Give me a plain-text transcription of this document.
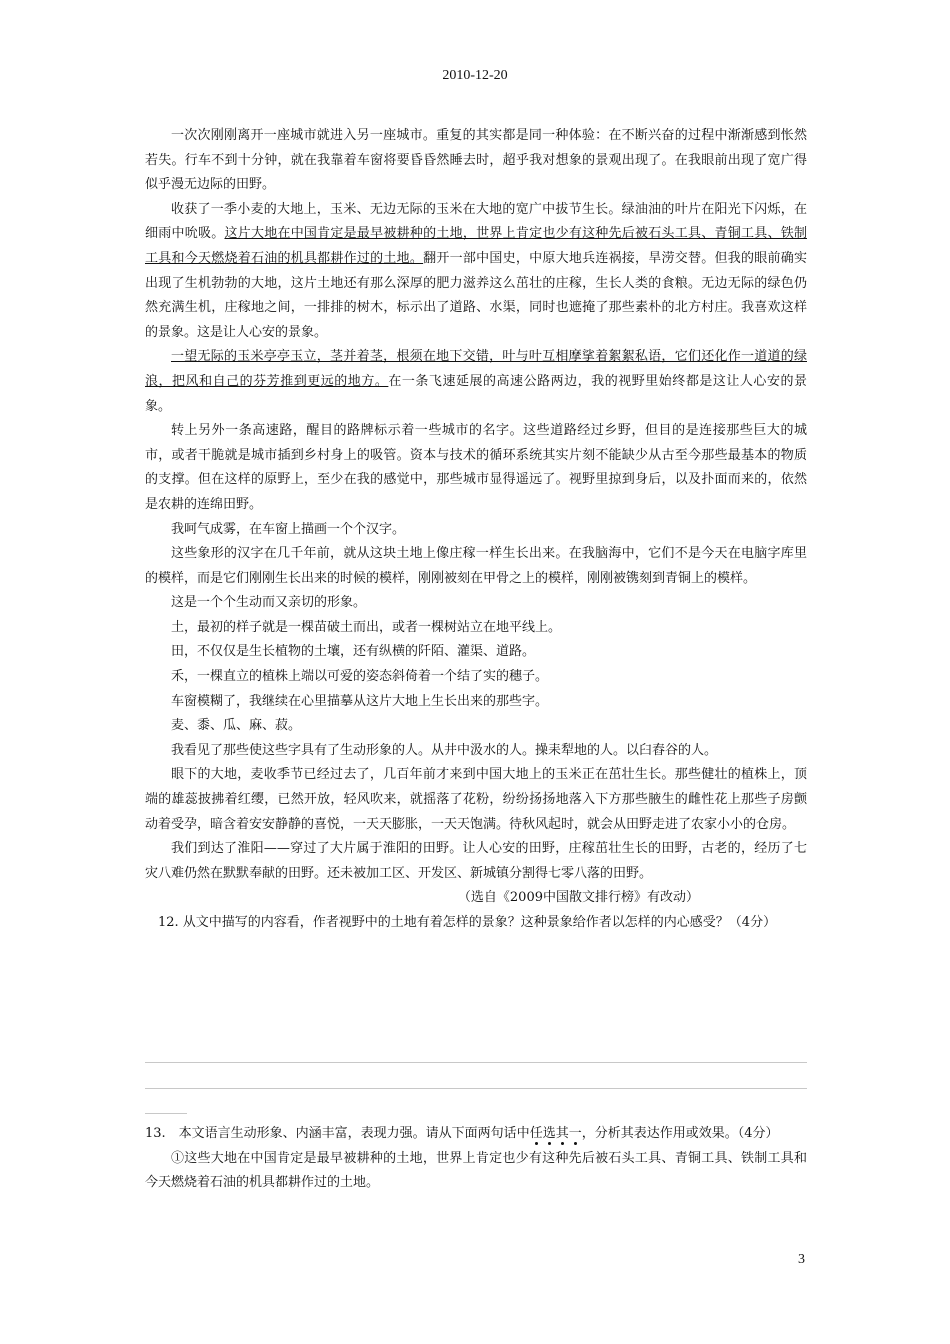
2010-12-20

一次次刚刚离开一座城市就进入另一座城市。重复的其实都是同一种体验：在不断兴奋的过程中渐渐感到怅然若失。行车不到十分钟，就在我靠着车窗将要昏昏然睡去时，超乎我对想象的景观出现了。在我眼前出现了宽广得似乎漫无边际的田野。

收获了一季小麦的大地上，玉米、无边无际的玉米在大地的宽广中拔节生长。绿油油的叶片在阳光下闪烁，在细雨中吮吸。这片大地在中国肯定是最早被耕种的土地，世界上肯定也少有这种先后被石头工具、青铜工具、铁制工具和今天燃烧着石油的机具都耕作过的土地。翻开一部中国史，中原大地兵连祸接，旱涝交替。但我的眼前确实出现了生机勃勃的大地，这片土地还有那么深厚的肥力滋养这么茁壮的庄稼，生长人类的食粮。无边无际的绿色仍然充满生机，庄稼地之间，一排排的树木，标示出了道路、水渠，同时也遮掩了那些素朴的北方村庄。我喜欢这样的景象。这是让人心安的景象。

一望无际的玉米亭亭玉立，茎并着茎，根须在地下交错，叶与叶互相摩挲着絮絮私语，它们还化作一道道的绿浪，把风和自己的芬芳推到更远的地方。在一条飞速延展的高速公路两边，我的视野里始终都是这让人心安的景象。

转上另外一条高速路，醒目的路牌标示着一些城市的名字。这些道路经过乡野，但目的是连接那些巨大的城市，或者干脆就是城市插到乡村身上的吸管。资本与技术的循环系统其实片刻不能缺少从古至今那些最基本的物质的支撑。但在这样的原野上，至少在我的感觉中，那些城市显得遥远了。视野里掠到身后，以及扑面而来的，依然是农耕的连绵田野。

我呵气成雾，在车窗上描画一个个汉字。

这些象形的汉字在几千年前，就从这块土地上像庄稼一样生长出来。在我脑海中，它们不是今天在电脑字库里的模样，而是它们刚刚生长出来的时候的模样，刚刚被刻在甲骨之上的模样，刚刚被镌刻到青铜上的模样。

这是一个个生动而又亲切的形象。

土，最初的样子就是一棵苗破土而出，或者一棵树站立在地平线上。

田，不仅仅是生长植物的土壤，还有纵横的阡陌、灌渠、道路。

禾，一棵直立的植株上端以可爱的姿态斜倚着一个结了实的穗子。

车窗模糊了，我继续在心里描摹从这片大地上生长出来的那些字。

麦、黍、瓜、麻、菽。

我看见了那些使这些字具有了生动形象的人。从井中汲水的人。操耒犁地的人。以臼舂谷的人。

眼下的大地，麦收季节已经过去了，几百年前才来到中国大地上的玉米正在茁壮生长。那些健壮的植株上，顶端的雄蕊披拂着红缨，已然开放，轻风吹来，就摇落了花粉，纷纷扬扬地落入下方那些腋生的雌性花上那些子房颤动着受孕，暗含着安安静静的喜悦，一天天膨胀，一天天饱满。待秋风起时，就会从田野走进了农家小小的仓房。

我们到达了淮阳——穿过了大片属于淮阳的田野。让人心安的田野，庄稼茁壮生长的田野，古老的，经历了七灾八难仍然在默默奉献的田野。还未被加工区、开发区、新城镇分割得七零八落的田野。

（选自《2009中国散文排行榜》有改动）

12. 从文中描写的内容看，作者视野中的土地有着怎样的景象？这种景象给作者以怎样的内心感受？（4分）

13.　本文语言生动形象、内涵丰富，表现力强。请从下面两句话中任选其一，分析其表达作用或效果。（4分）

①这些大地在中国肯定是最早被耕种的土地，世界上肯定也少有这种先后被石头工具、青铜工具、铁制工具和今天燃烧着石油的机具都耕作过的土地。

3
